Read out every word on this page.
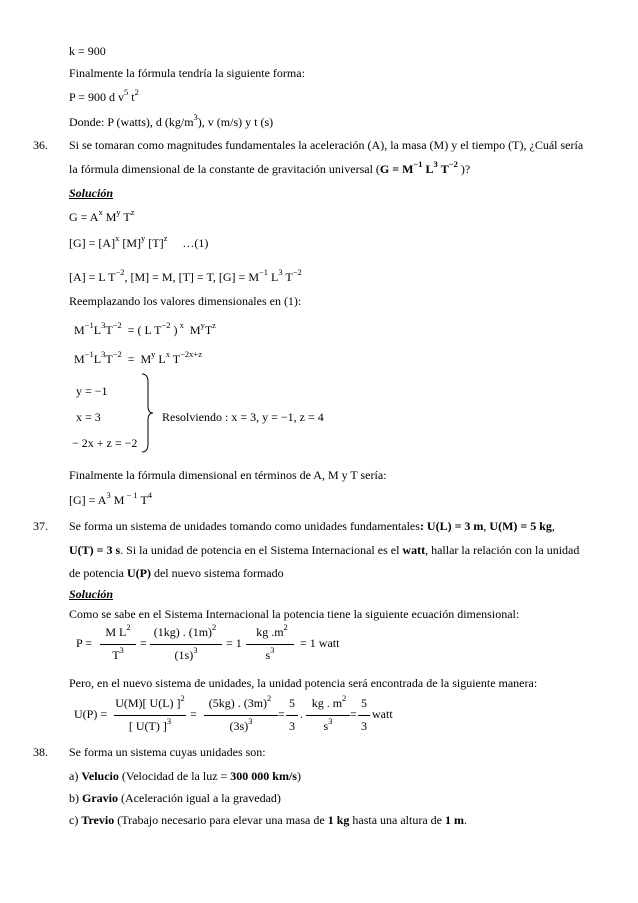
k = 900
Finalmente la fórmula tendría la siguiente forma:
P = 900 d $v^5$ $t^2$
Donde: P (watts), d $(kg/m^3)$, v (m/s) y t (s)
36. Si se tomaran como magnitudes fundamentales la aceleración (A), la masa (M) y el tiempo (T), ¿Cuál sería
la fórmula dimensional de la constante de gravitación universal ($G = M^{-1}$ $L^3$ $T^{-2}$ )?
Solución
$G = A^x$ $M^y$ $T^z$
$[G] = [A]^x$ $[M]^y$ $[T]^z$ …(1)
[A] = L $T^{-2}$, [M] = M, [T] = T, $[G] = M^{-1}$ $L^3$ $T^{-2}$
Reemplazando los valores dimensionales en (1):
$M^{-1}L^3T^{-2}$  = ( L $T^{-2}$ ) $^x$  $M^yT^z$
$M^{-1}L^3T^{-2} = M^y$ $L^x$ $T^{-2x+z}$
y = −1
x = 3
− 2x + z = −2
Resolviendo : x = 3, y = −1, z = 4
Finalmente la fórmula dimensional en términos de A, M y T sería:
$[G] = A^3$ M $^{- 1}$ $T^4$
37. Se forma un sistema de unidades tomando como unidades fundamentales: U(L) = 3 m, U(M) = 5 kg,
U(T) = 3 s. Si la unidad de potencia en el Sistema Internacional es el watt, hallar la relación con la unidad
de potencia U(P) del nuevo sistema formado
Solución
Como se sabe en el Sistema Internacional la potencia tiene la siguiente ecuación dimensional:
P =
M $L^2$
$T^3$	=
(1kg) . $(1m)^2$
$(1s)^3$	= 1
kg $.m^2$
$s^3$	= 1 watt
Pero, en el nuevo sistema de unidades, la unidad potencia será encontrada de la siguiente manera:
U(P) =
U(M)[ U(L) ]$^2$
[ U(T) ]$^3$	=
(5kg) . $(3m)^2$
$(3s)^3$	=
5
3
.
kg . $m^2$
$s^3$	=
5
3
watt
38. Se forma un sistema cuyas unidades son:
a) Velucio (Velocidad de la luz = 300 000 km/s)
b) Gravio (Aceleración igual a la gravedad)
c) Trevio (Trabajo necesario para elevar una masa de 1 kg hasta una altura de 1 m.
